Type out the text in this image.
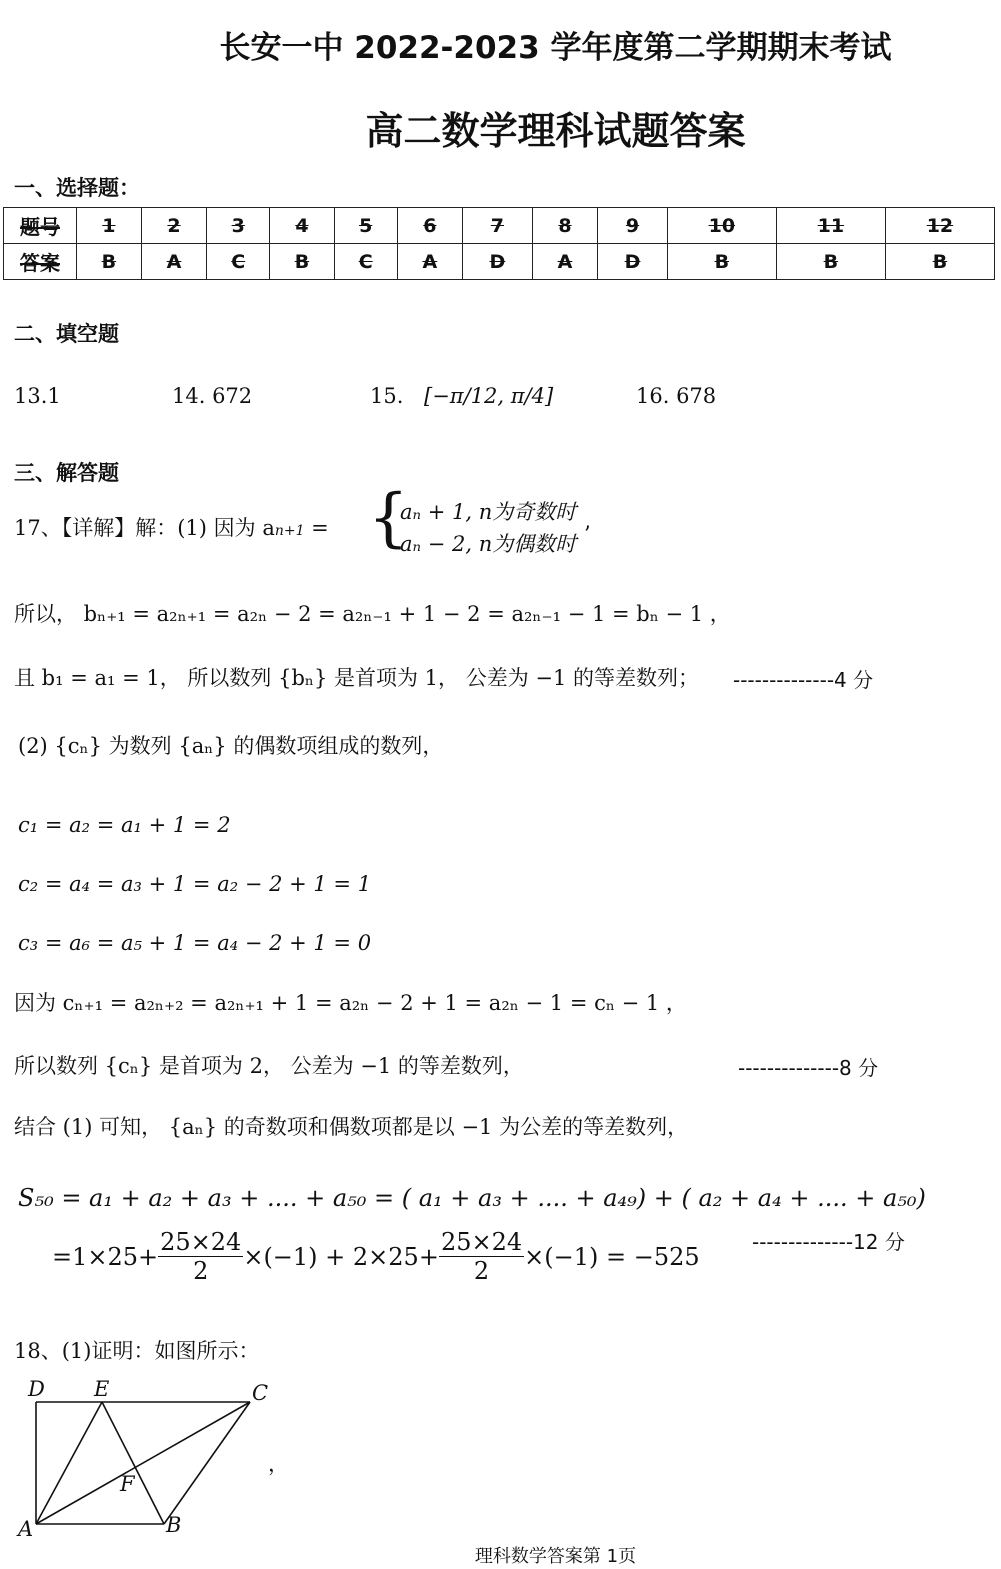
长安一中 2022-2023 学年度第二学期期末考试
高二数学理科试题答案
一、选择题：
题号	1	2	3	4	5	6	7	8	9	10	11	12
答案	B	A	C	B	C	A	D	A	D	B	B	B
二、填空题
13.1	14. 672	15. [−π/12, π/4]	16. 678
三、解答题
17、【详解】解：(1) 因为 an+1 = {
aₙ + 1, n为奇数时
aₙ − 2, n为偶数时 ’
所以， bₙ₊₁ = a₂ₙ₊₁ = a₂ₙ − 2 = a₂ₙ₋₁ + 1 − 2 = a₂ₙ₋₁ − 1 = bₙ − 1 ，
且 b₁ = a₁ = 1， 所以数列 {bₙ} 是首项为 1， 公差为 −1 的等差数列； --------------4 分
(2) {cₙ} 为数列 {aₙ} 的偶数项组成的数列，
c₁ = a₂ = a₁ + 1 = 2
c₂ = a₄ = a₃ + 1 = a₂ − 2 + 1 = 1
c₃ = a₆ = a₅ + 1 = a₄ − 2 + 1 = 0
因为 cₙ₊₁ = a₂ₙ₊₂ = a₂ₙ₊₁ + 1 = a₂ₙ − 2 + 1 = a₂ₙ − 1 = cₙ − 1 ，
所以数列 {cₙ} 是首项为 2， 公差为 −1 的等差数列，	--------------8 分
结合 (1) 可知， {aₙ} 的奇数项和偶数项都是以 −1 为公差的等差数列，
S₅₀ = a₁ + a₂ + a₃ + .... + a₅₀ = ( a₁ + a₃ + .... + a₄₉) + ( a₂ + a₄ + .... + a₅₀)
$=1\times 25+ \frac{25\times 24}{2} \times(-1) + 2\times 25+ \frac{25\times 24}{2} \times(-1) = -525$
--------------12 分
18、(1)证明：如图所示：
D E	C
F
A	B
，
理科数学答案第 1页
